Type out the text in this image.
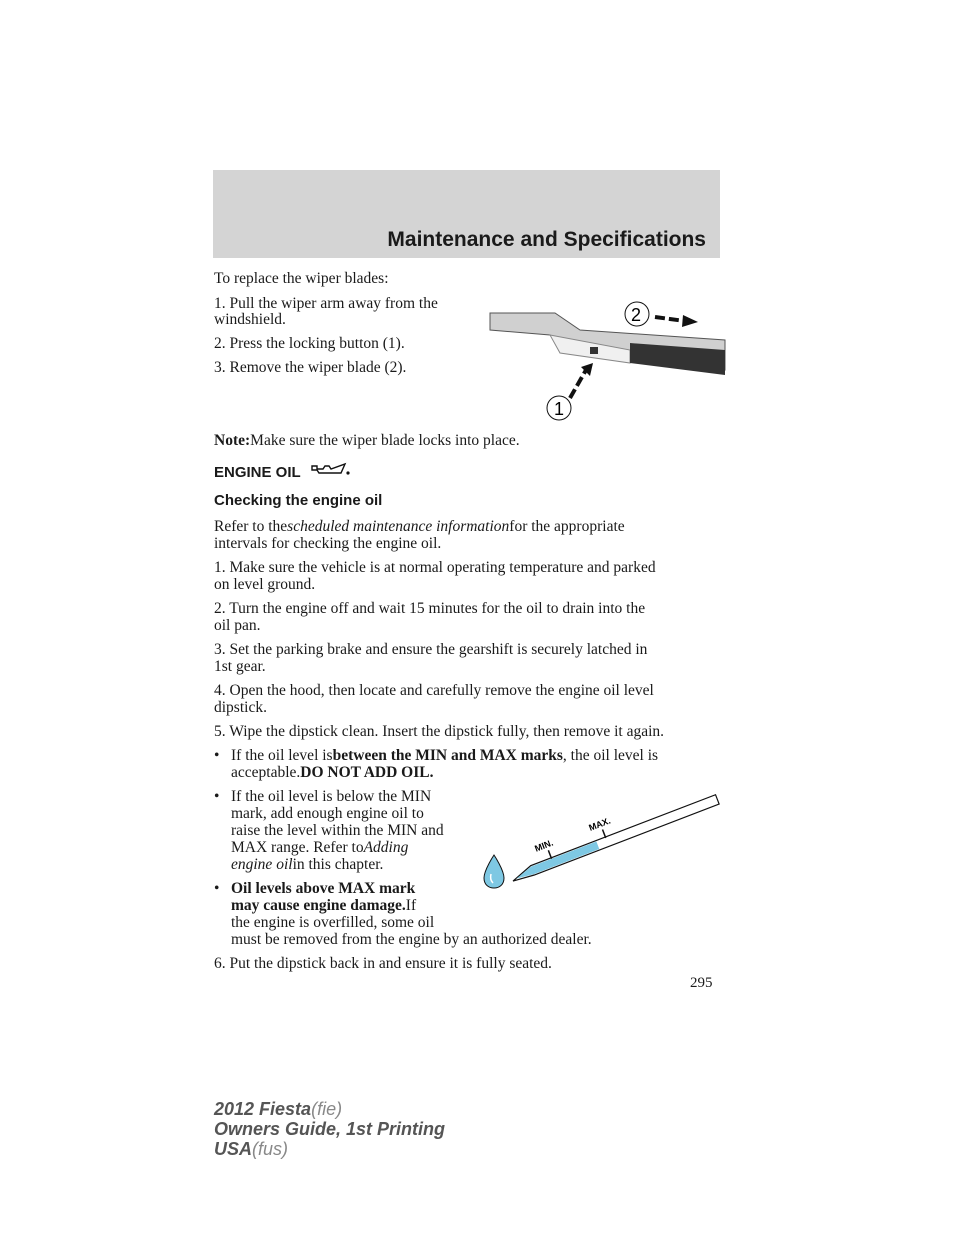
Maintenance and Specifications
To replace the wiper blades:
1. Pull the wiper arm away from the
windshield.
2. Press the locking button (1).
3. Remove the wiper blade (2).
1
2
Note:Make sure the wiper blade locks into place.
ENGINE OIL
Checking the engine oil
Refer to thescheduled maintenance informationfor the appropriate
intervals for checking the engine oil.
1. Make sure the vehicle is at normal operating temperature and parked
on level ground.
2. Turn the engine off and wait 15 minutes for the oil to drain into the
oil pan.
3. Set the parking brake and ensure the gearshift is securely latched in
1st gear.
4. Open the hood, then locate and carefully remove the engine oil level
dipstick.
5. Wipe the dipstick clean. Insert the dipstick fully, then remove it again.
• If the oil level isbetween the MIN and MAX marks, the oil level is
acceptable.DO NOT ADD OIL.
• If the oil level is below the MIN
mark, add enough engine oil to
raise the level within the MIN and
MAX range. Refer toAdding
engine oilin this chapter.
• Oil levels above MAX mark
may cause engine damage.If
the engine is overfilled, some oil
must be removed from the engine by an authorized dealer.
6. Put the dipstick back in and ensure it is fully seated.
MIN.
MAX.
295
2012 Fiesta(fie)
Owners Guide, 1st Printing
USA(fus)
